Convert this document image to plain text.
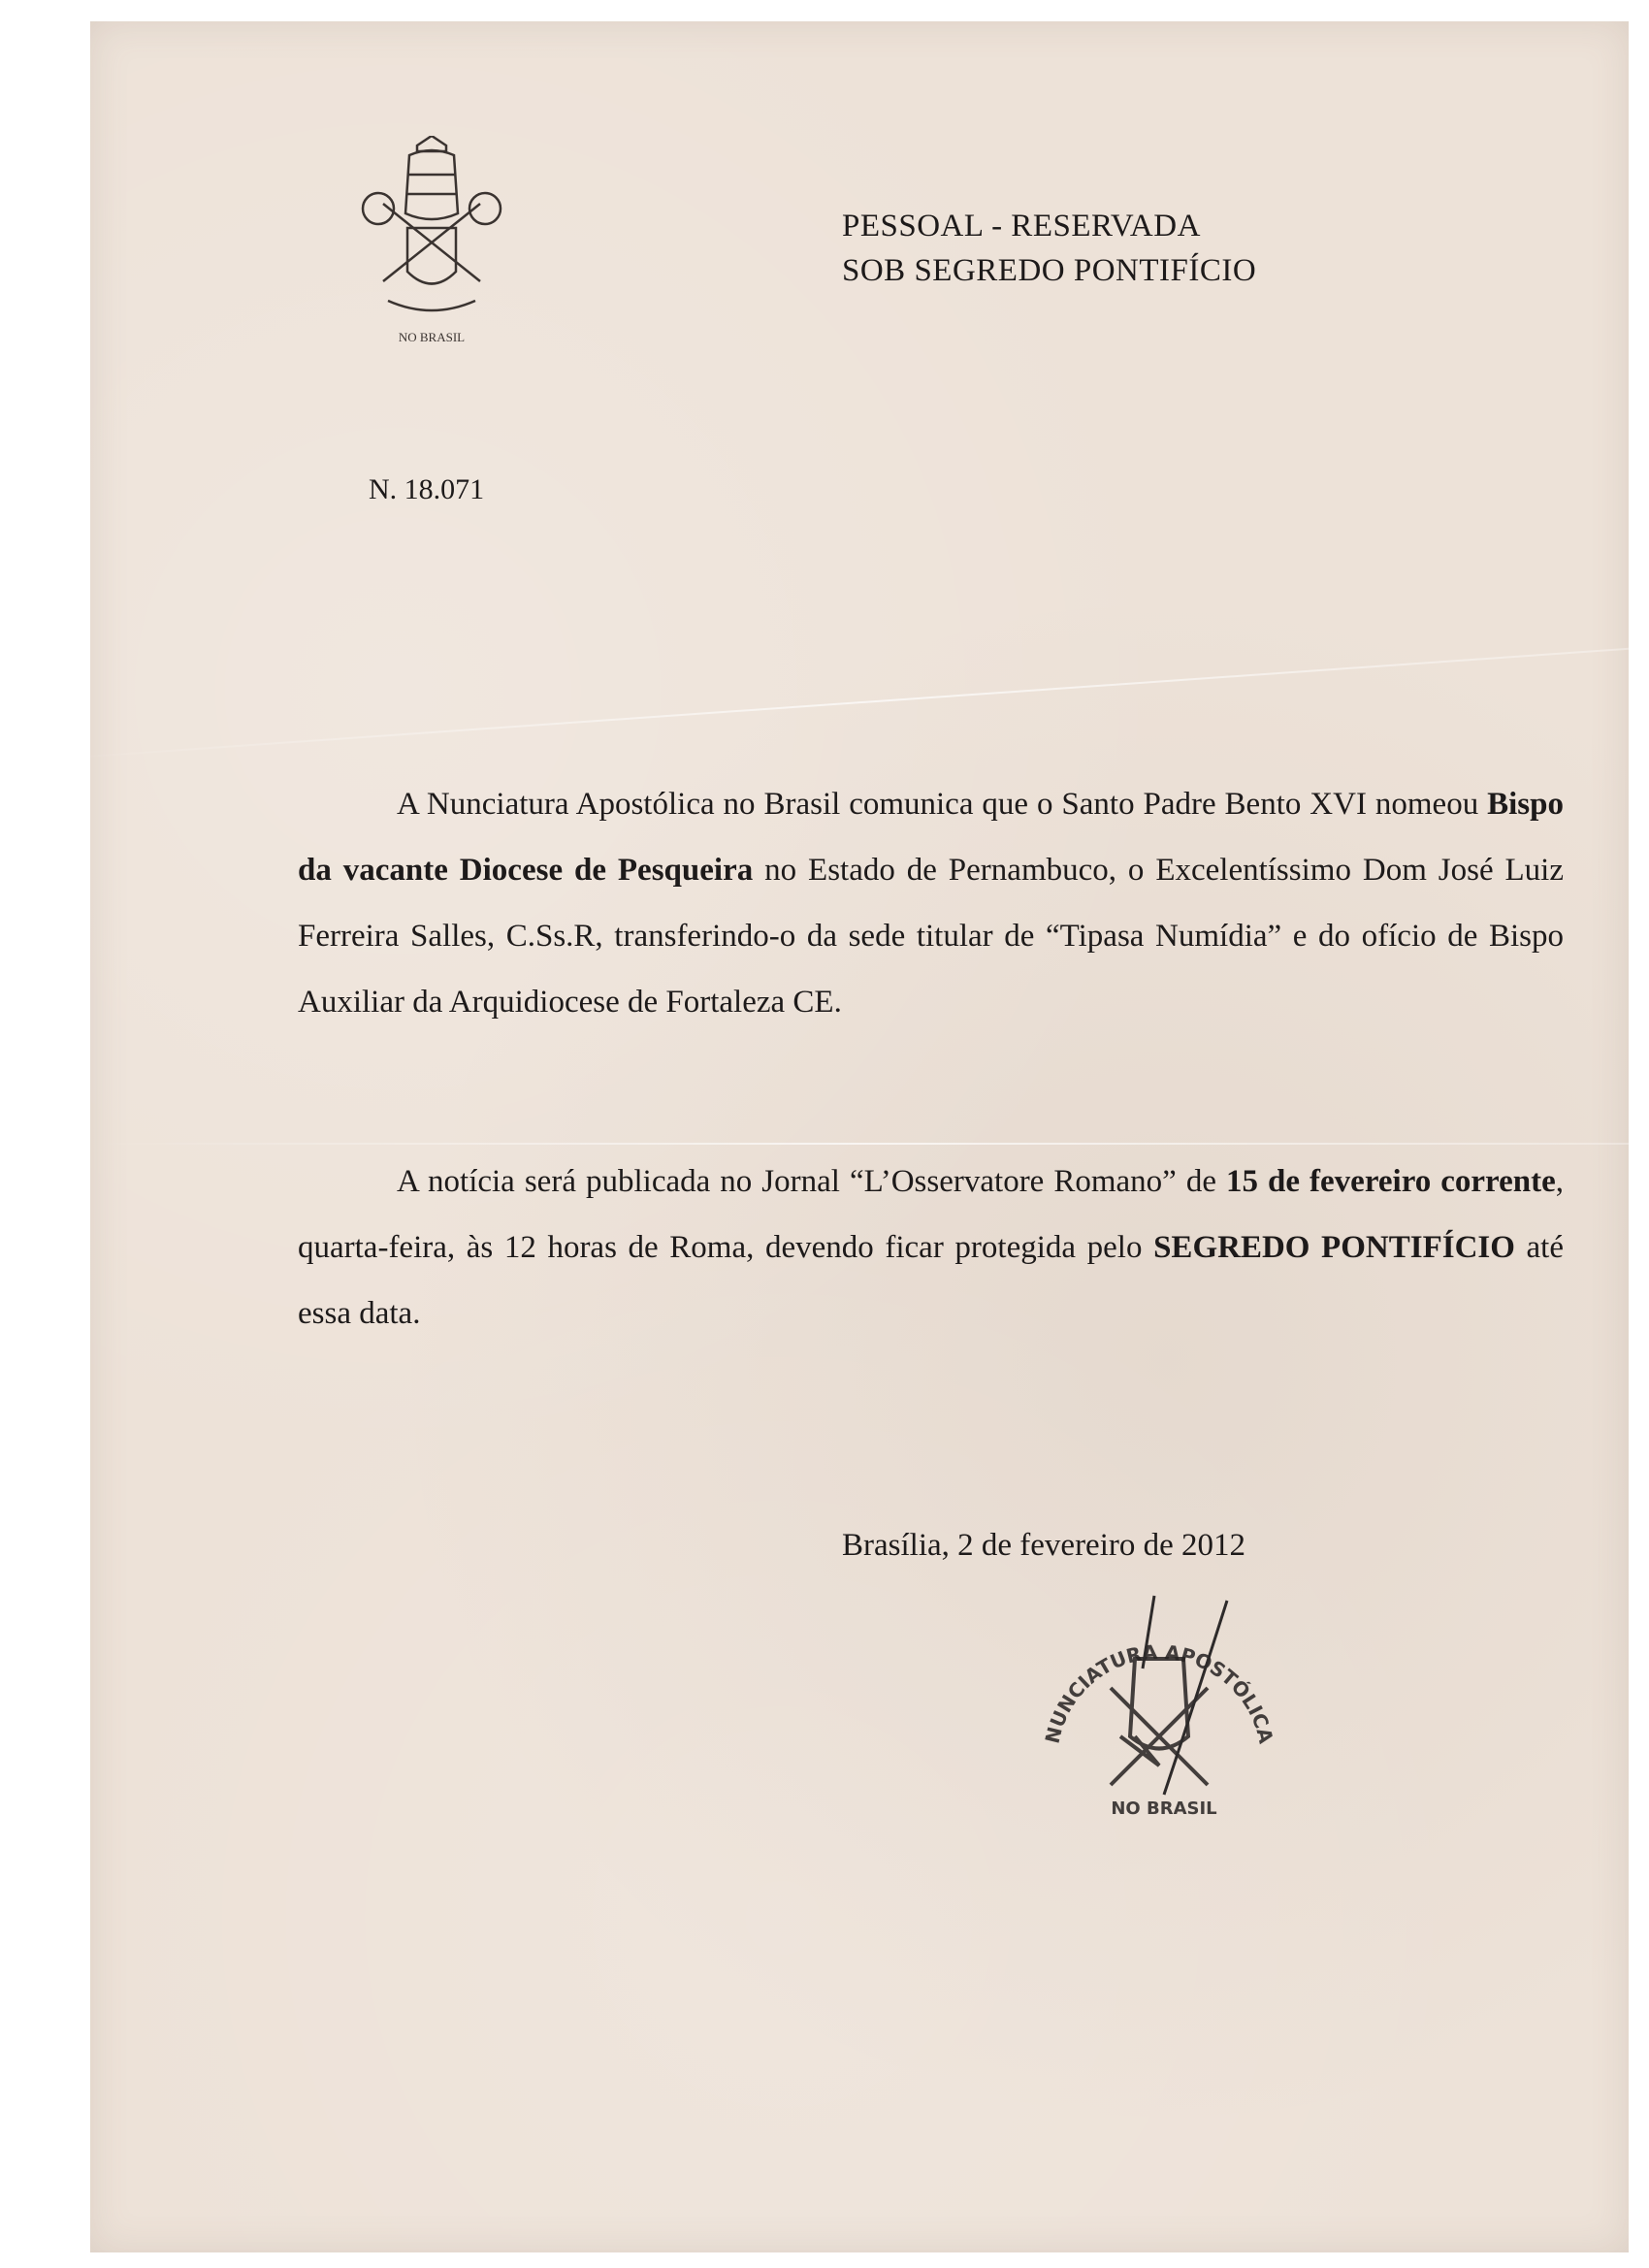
NO BRASIL
PESSOAL - RESERVADA
SOB SEGREDO PONTIFÍCIO
N. 18.071

A Nunciatura Apostólica no Brasil comunica que o Santo Padre Bento XVI nomeou Bispo da vacante Diocese de Pesqueira no Estado de Pernambuco, o Excelentíssimo Dom José Luiz Ferreira Salles, C.Ss.R, transferindo-o da sede titular de “Tipasa Numídia” e do ofício de Bispo Auxiliar da Arquidiocese de Fortaleza CE.

A notícia será publicada no Jornal “L’Osservatore Romano” de 15 de fevereiro corrente, quarta-feira, às 12 horas de Roma, devendo ficar protegida pelo SEGREDO PONTIFÍCIO até essa data.

Brasília, 2 de fevereiro de 2012
NUNCIATURA APOSTÓLICA
NO BRASIL
